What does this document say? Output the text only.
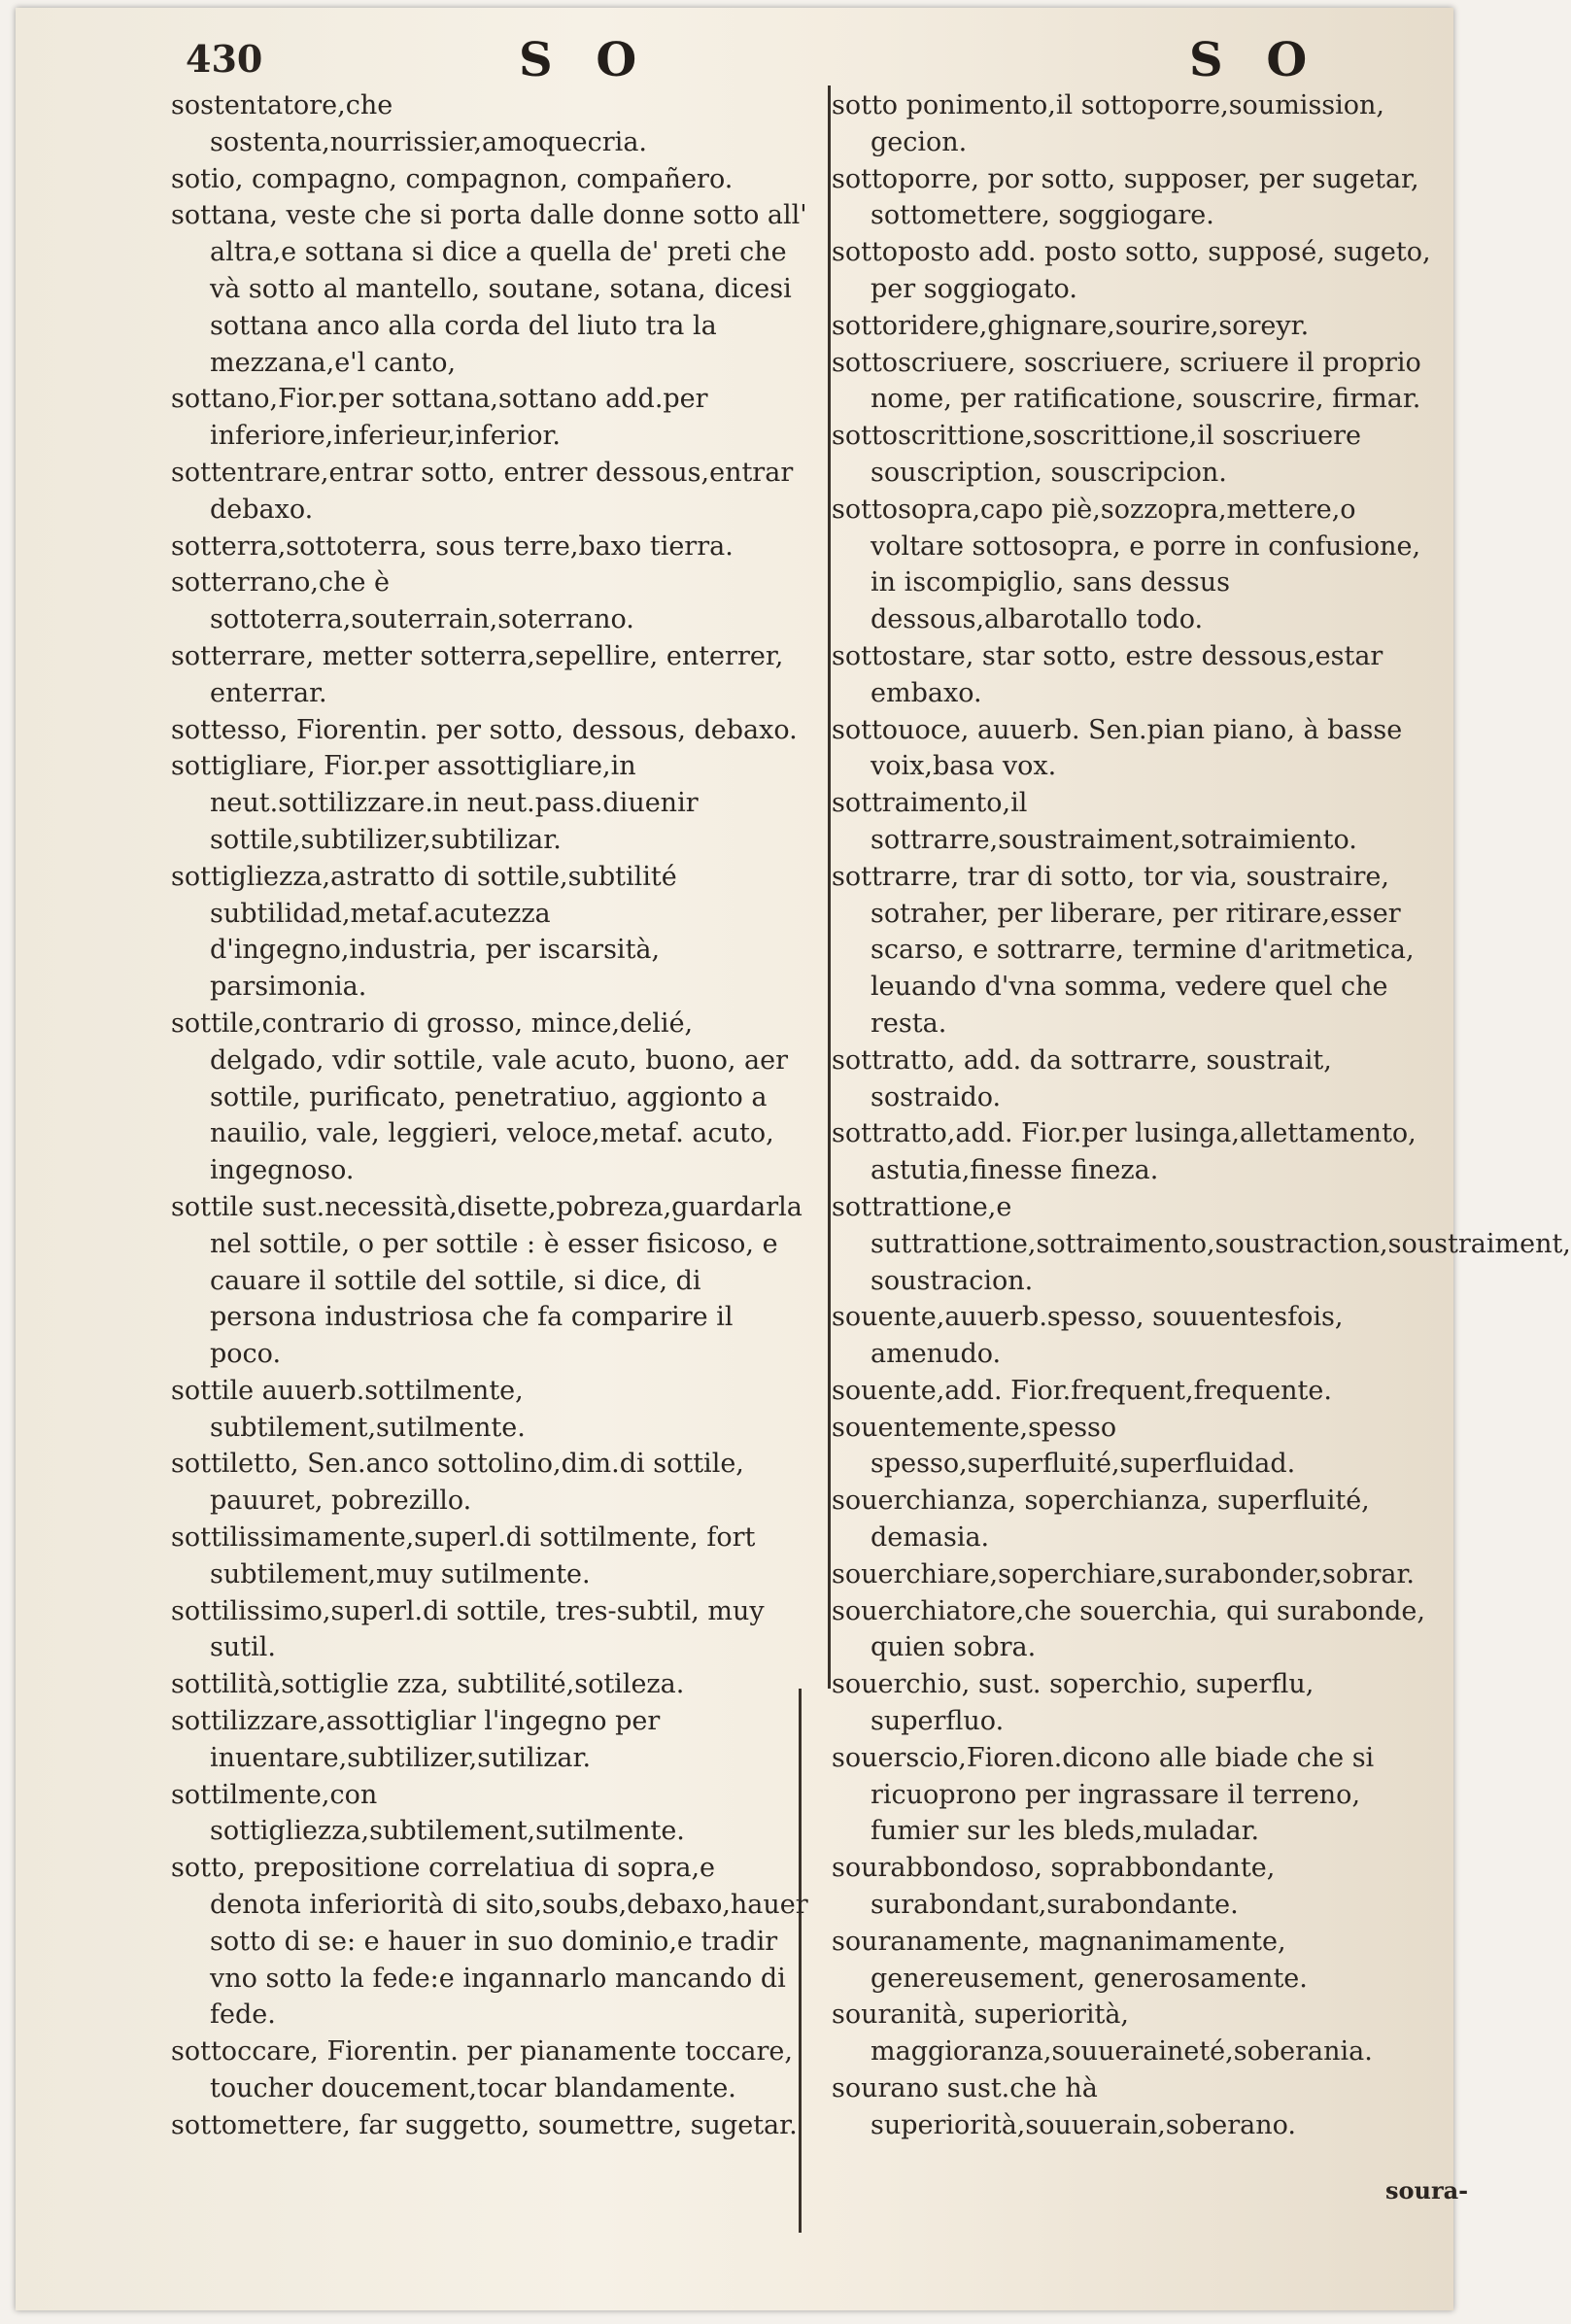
430	S O	S O

sostentatore,che sostenta,nourrissier,amoquecria.

sotio, compagno, compagnon, compañero.

sottana, veste che si porta dalle donne sotto all' altra,e sottana si dice a quella de' preti che và sotto al mantello, soutane, sotana, dicesi sottana anco alla corda del liuto tra la mezzana,e'l canto,

sottano,Fior.per sottana,sottano add.per inferiore,inferieur,inferior.

sottentrare,entrar sotto, entrer dessous,entrar debaxo.

sotterra,sottoterra, sous terre,baxo tierra.

sotterrano,che è sottoterra,souterrain,soterrano.

sotterrare, metter sotterra,sepellire, enterrer, enterrar.

sottesso, Fiorentin. per sotto, dessous, debaxo.

sottigliare, Fior.per assottigliare,in neut.sottilizzare.in neut.pass.diuenir sottile,subtilizer,subtilizar.

sottigliezza,astratto di sottile,subtilité subtilidad,metaf.acutezza d'ingegno,industria, per iscarsità, parsimonia.

sottile,contrario di grosso, mince,delié, delgado, vdir sottile, vale acuto, buono, aer sottile, purificato, penetratiuo, aggionto a nauilio, vale, leggieri, veloce,metaf. acuto, ingegnoso.

sottile sust.necessità,disette,pobreza,guardarla nel sottile, o per sottile : è esser fisicoso, e cauare il sottile del sottile, si dice, di persona industriosa che fa comparire il poco.

sottile auuerb.sottilmente, subtilement,sutilmente.

sottiletto, Sen.anco sottolino,dim.di sottile, pauuret, pobrezillo.

sottilissimamente,superl.di sottilmente, fort subtilement,muy sutilmente.

sottilissimo,superl.di sottile, tres-subtil, muy sutil.

sottilità,sottiglie zza, subtilité,sotileza.

sottilizzare,assottigliar l'ingegno per inuentare,subtilizer,sutilizar.

sottilmente,con sottigliezza,subtilement,sutilmente.

sotto, prepositione correlatiua di sopra,e denota inferiorità di sito,soubs,debaxo,hauer sotto di se: e hauer in suo dominio,e tradir vno sotto la fede:e ingannarlo mancando di fede.

sottoccare, Fiorentin. per pianamente toccare, toucher doucement,tocar blandamente.

sottomettere, far suggetto, soumettre, sugetar.

sotto ponimento,il sottoporre,soumission, gecion.

sottoporre, por sotto, supposer, per sugetar, sottomettere, soggiogare.

sottoposto add. posto sotto, supposé, sugeto, per soggiogato.

sottoridere,ghignare,sourire,soreyr.

sottoscriuere, soscriuere, scriuere il proprio nome, per ratificatione, souscrire, firmar.

sottoscrittione,soscrittione,il soscriuere souscription, souscripcion.

sottosopra,capo piè,sozzopra,mettere,o voltare sottosopra, e porre in confusione, in iscompiglio, sans dessus dessous,albarotallo todo.

sottostare, star sotto, estre dessous,estar embaxo.

sottouoce, auuerb. Sen.pian piano, à basse voix,basa vox.

sottraimento,il sottrarre,soustraiment,sotraimiento.

sottrarre, trar di sotto, tor via, soustraire, sotraher, per liberare, per ritirare,esser scarso, e sottrarre, termine d'aritmetica, leuando d'vna somma, vedere quel che resta.

sottratto, add. da sottrarre, soustrait, sostraido.

sottratto,add. Fior.per lusinga,allettamento, astutia,finesse fineza.

sottrattione,e suttrattione,sottraimento,soustraction,soustraiment, soustracion.

souente,auuerb.spesso, souuentesfois, amenudo.

souente,add. Fior.frequent,frequente.

souentemente,spesso spesso,superfluité,superfluidad.

souerchianza, soperchianza, superfluité, demasia.

souerchiare,soperchiare,surabonder,sobrar.

souerchiatore,che souerchia, qui surabonde, quien sobra.

souerchio, sust. soperchio, superflu, superfluo.

souerscio,Fioren.dicono alle biade che si ricuoprono per ingrassare il terreno, fumier sur les bleds,muladar.

sourabbondoso, soprabbondante, surabondant,surabondante.

souranamente, magnanimamente, genereusement, generosamente.

souranità, superiorità, maggioranza,souueraineté,soberania.

sourano sust.che hà superiorità,souuerain,soberano.

soura-
